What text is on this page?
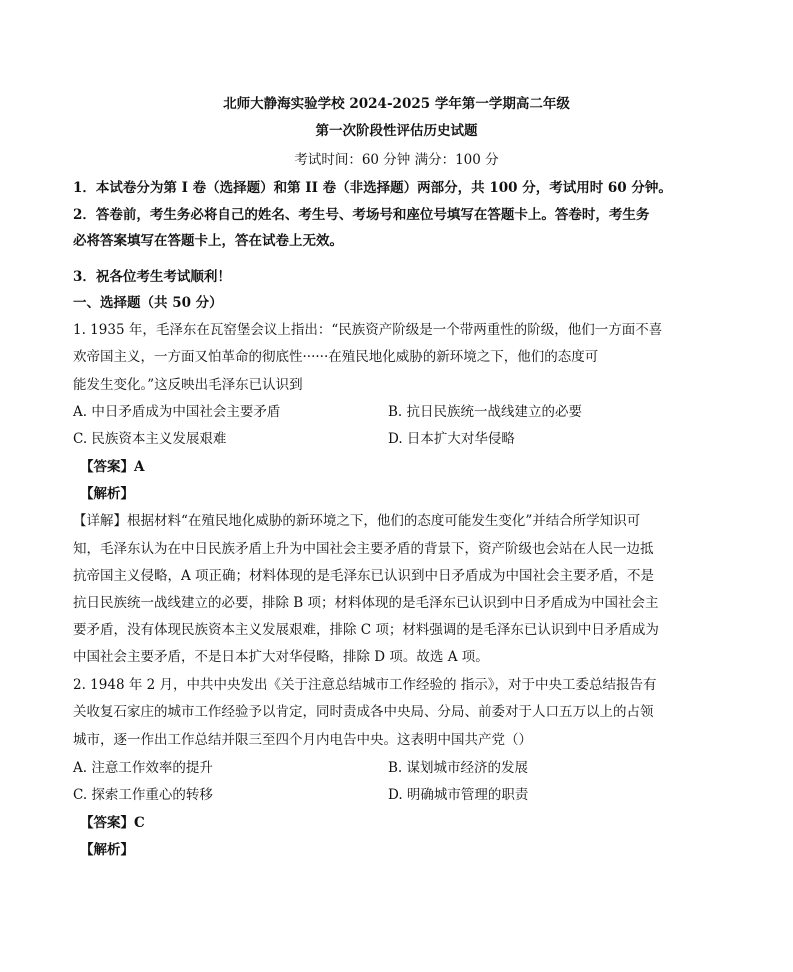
北师大静海实验学校 2024-2025 学年第一学期高二年级
第一次阶段性评估历史试题
考试时间：60 分钟 满分：100 分
1．本试卷分为第 I 卷（选择题）和第 II 卷（非选择题）两部分，共 100 分，考试用时 60 分钟。
2．答卷前，考生务必将自己的姓名、考生号、考场号和座位号填写在答题卡上。答卷时，考生务
必将答案填写在答题卡上，答在试卷上无效。
3．祝各位考生考试顺利！
一、选择题（共 50 分）
1. 1935 年，毛泽东在瓦窑堡会议上指出：“民族资产阶级是一个带两重性的阶级，他们一方面不喜
欢帝国主义，一方面又怕革命的彻底性······在殖民地化威胁的新环境之下，他们的态度可
能发生变化。”这反映出毛泽东已认识到
A. 中日矛盾成为中国社会主要矛盾	B. 抗日民族统一战线建立的必要
C. 民族资本主义发展艰难	D. 日本扩大对华侵略
【答案】A
【解析】
【详解】根据材料“在殖民地化威胁的新环境之下，他们的态度可能发生变化”并结合所学知识可
知，毛泽东认为在中日民族矛盾上升为中国社会主要矛盾的背景下，资产阶级也会站在人民一边抵
抗帝国主义侵略，A 项正确；材料体现的是毛泽东已认识到中日矛盾成为中国社会主要矛盾，不是
抗日民族统一战线建立的必要，排除 B 项；材料体现的是毛泽东已认识到中日矛盾成为中国社会主
要矛盾，没有体现民族资本主义发展艰难，排除 C 项；材料强调的是毛泽东已认识到中日矛盾成为
中国社会主要矛盾，不是日本扩大对华侵略，排除 D 项。故选 A 项。
2. 1948 年 2 月，中共中央发出《关于注意总结城市工作经验的 指示》，对于中央工委总结报告有
关收复石家庄的城市工作经验予以肯定，同时责成各中央局、分局、前委对于人口五万以上的占领
城市，逐一作出工作总结并限三至四个月内电告中央。这表明中国共产党（）
A. 注意工作效率的提升	B. 谋划城市经济的发展
C. 探索工作重心的转移	D. 明确城市管理的职责
【答案】C
【解析】
